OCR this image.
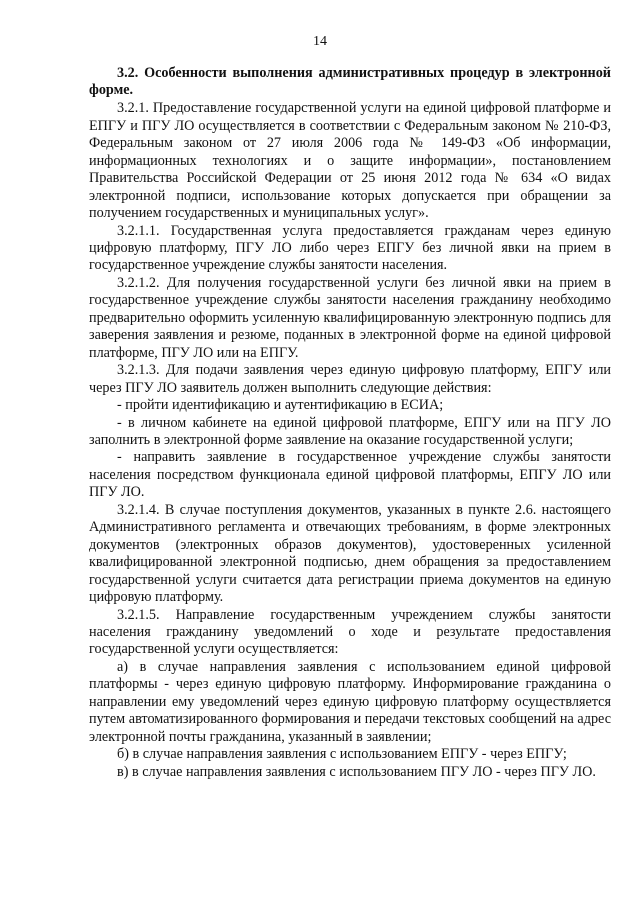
14

3.2. Особенности выполнения административных процедур в электронной форме.

3.2.1. Предоставление государственной услуги на единой цифровой платформе и ЕПГУ и ПГУ ЛО осуществляется в соответствии с Федеральным законом № 210-ФЗ, Федеральным законом от 27 июля 2006 года № 149-ФЗ «Об информации, информационных технологиях и о защите информации», постановлением Правительства Российской Федерации от 25 июня 2012 года № 634 «О видах электронной подписи, использование которых допускается при обращении за получением государственных и муниципальных услуг».

3.2.1.1. Государственная услуга предоставляется гражданам через единую цифровую платформу, ПГУ ЛО либо через ЕПГУ без личной явки на прием в государственное учреждение службы занятости населения.

3.2.1.2. Для получения государственной услуги без личной явки на прием в государственное учреждение службы занятости населения гражданину необходимо предварительно оформить усиленную квалифицированную электронную подпись для заверения заявления и резюме, поданных в электронной форме на единой цифровой платформе, ПГУ ЛО или на ЕПГУ.

3.2.1.3. Для подачи заявления через единую цифровую платформу, ЕПГУ или через ПГУ ЛО заявитель должен выполнить следующие действия:

- пройти идентификацию и аутентификацию в ЕСИА;

- в личном кабинете на единой цифровой платформе, ЕПГУ или на ПГУ ЛО заполнить в электронной форме заявление на оказание государственной услуги;

- направить заявление в государственное учреждение службы занятости населения посредством функционала единой цифровой платформы, ЕПГУ ЛО или ПГУ ЛО.

3.2.1.4. В случае поступления документов, указанных в пункте 2.6. настоящего Административного регламента и отвечающих требованиям, в форме электронных документов (электронных образов документов), удостоверенных усиленной квалифицированной электронной подписью, днем обращения за предоставлением государственной услуги считается дата регистрации приема документов на единую цифровую платформу.

3.2.1.5. Направление государственным учреждением службы занятости населения гражданину уведомлений о ходе и результате предоставления государственной услуги осуществляется:

а) в случае направления заявления с использованием единой цифровой платформы - через единую цифровую платформу. Информирование гражданина о направлении ему уведомлений через единую цифровую платформу осуществляется путем автоматизированного формирования и передачи текстовых сообщений на адрес электронной почты гражданина, указанный в заявлении;

б) в случае направления заявления с использованием ЕПГУ - через ЕПГУ;

в) в случае направления заявления с использованием ПГУ ЛО - через ПГУ ЛО.
